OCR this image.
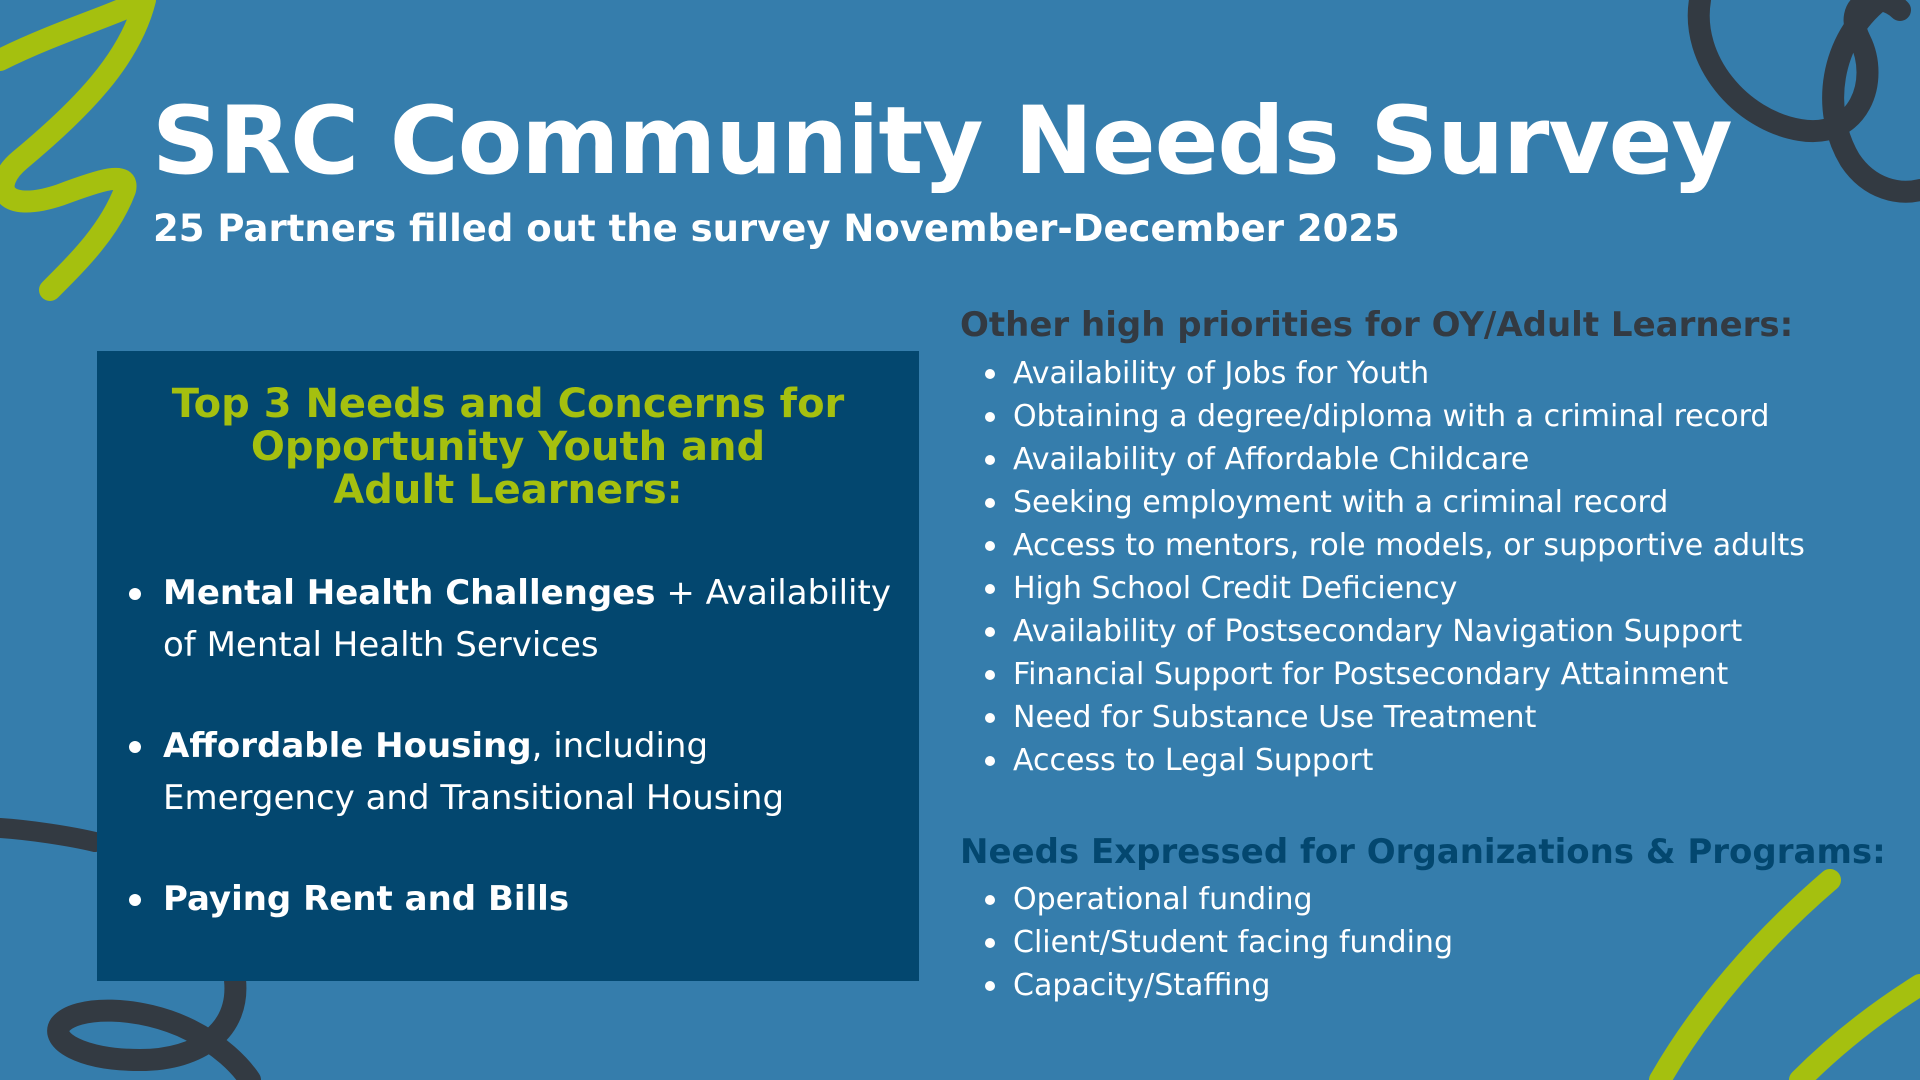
SRC Community Needs Survey

25 Partners filled out the survey November-December 2025

Top 3 Needs and Concerns for
Opportunity Youth and
Adult Learners:
Mental Health Challenges + Availability of Mental Health Services
Affordable Housing, including Emergency and Transitional Housing
Paying Rent and Bills
Other high priorities for OY/Adult Learners:
Availability of Jobs for Youth
Obtaining a degree/diploma with a criminal record
Availability of Affordable Childcare
Seeking employment with a criminal record
Access to mentors, role models, or supportive adults
High School Credit Deficiency
Availability of Postsecondary Navigation Support
Financial Support for Postsecondary Attainment
Need for Substance Use Treatment
Access to Legal Support
Needs Expressed for Organizations & Programs:
Operational funding
Client/Student facing funding
Capacity/Staffing
